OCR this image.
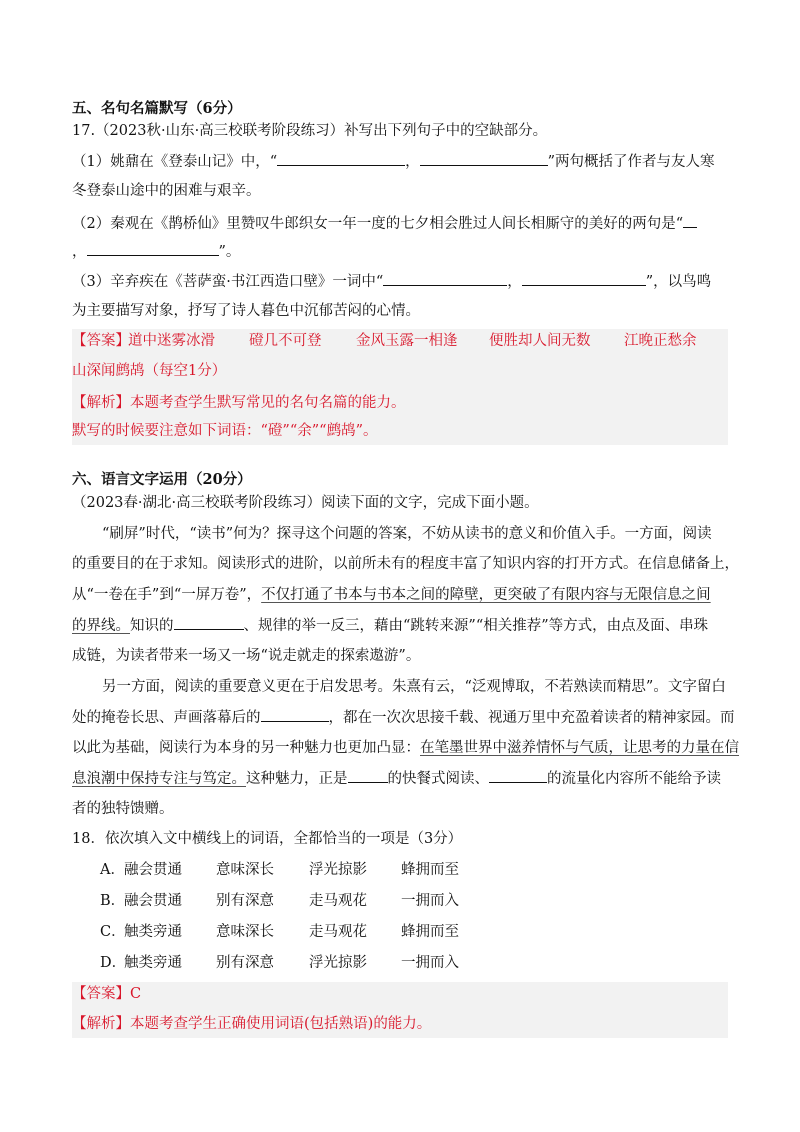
五、名句名篇默写（6分）
17.（2023秋·山东·高三校联考阶段练习）补写出下列句子中的空缺部分。
（1）姚鼐在《登泰山记》中，“	，	”两句概括了作者与友人寒
冬登泰山途中的困难与艰辛。
（2）秦观在《鹊桥仙》里赞叹牛郎织女一年一度的七夕相会胜过人间长相厮守的美好的两句是“
，	”。
（3）辛弃疾在《菩萨蛮·书江西造口壁》一词中“	，	”，以鸟鸣
为主要描写对象，抒写了诗人暮色中沉郁苦闷的心情。
【答案】
道中迷雾冰滑 磴几不可登 金风玉露一相逢 便胜却人间无数 江晚正愁余
山深闻鹧鸪（每空1分）
【解析】本题考查学生默写常见的名句名篇的能力。
默写的时候要注意如下词语：“磴”“余”“鹧鸪”。
六、语言文字运用（20分）
（2023春·湖北·高三校联考阶段练习）阅读下面的文字，完成下面小题。
“刷屏”时代，“读书”何为？探寻这个问题的答案，不妨从读书的意义和价值入手。一方面，阅读
的重要目的在于求知。阅读形式的进阶，以前所未有的程度丰富了知识内容的打开方式。在信息储备上，
从“一卷在手”到“一屏万卷”，不仅打通了书本与书本之间的障壁，更突破了有限内容与无限信息之间
的界线。知识的	、规律的举一反三，藉由“跳转来源”“相关推荐”等方式，由点及面、串珠
成链，为读者带来一场又一场“说走就走的探索遨游”。
另一方面，阅读的重要意义更在于启发思考。朱熹有云，“泛观博取，不若熟读而精思”。文字留白
处的掩卷长思、声画落幕后的	，都在一次次思接千载、视通万里中充盈着读者的精神家园。而
以此为基础，阅读行为本身的另一种魅力也更加凸显：在笔墨世界中滋养情怀与气质，让思考的力量在信
息浪潮中保持专注与笃定。这种魅力，正是	的快餐式阅读、	的流量化内容所不能给予读
者的独特馈赠。
18．依次填入文中横线上的词语，全都恰当的一项是（3分）
A． 融会贯通 意味深长 浮光掠影 蜂拥而至
B．
融会贯通 别有深意 走马观花 一拥而入
C．
触类旁通 意味深长 走马观花 蜂拥而至
D．
触类旁通 别有深意 浮光掠影 一拥而入
【答案】C
【解析】本题考查学生正确使用词语(包括熟语)的能力。
